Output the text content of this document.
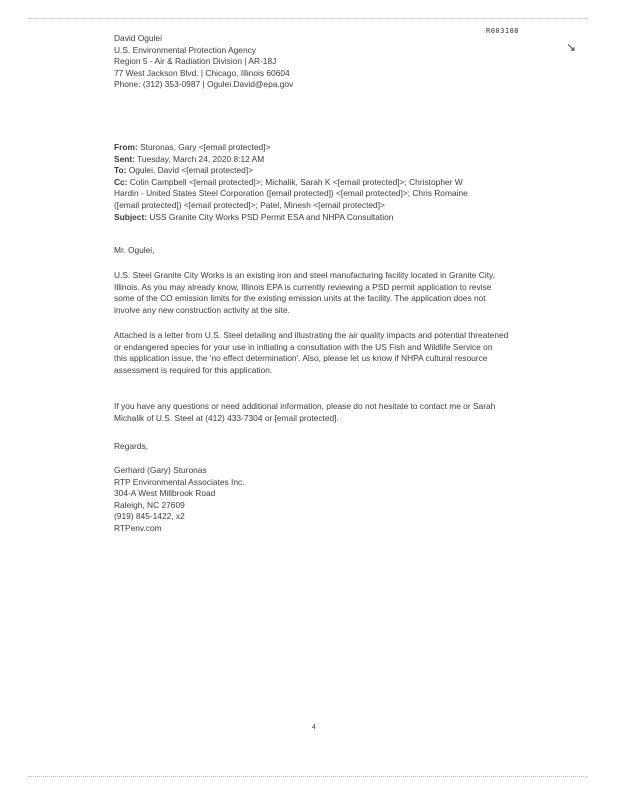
R003188
↘
David Ogulei
U.S. Environmental Protection Agency
Region 5 - Air & Radiation Division | AR-18J
77 West Jackson Blvd. | Chicago, Illinois 60604
Phone: (312) 353-0987 | Ogulei.David@epa.gov
From: Sturonas, Gary <[email protected]>
Sent: Tuesday, March 24, 2020 8:12 AM
To: Ogulei, David <[email protected]>
Cc: Colin Campbell <[email protected]>; Michalik, Sarah K <[email protected]>; Christopher W
Hardin - United States Steel Corporation ([email protected]) <[email protected]>; Chris Romaine
([email protected]) <[email protected]>; Patel, Minesh <[email protected]>
Subject: USS Granite City Works PSD Permit ESA and NHPA Consultation
Mr. Ogulei,
U.S. Steel Granite City Works is an existing iron and steel manufacturing facility located in Granite City,
Illinois. As you may already know, Illinois EPA is currently reviewing a PSD permit application to revise
some of the CO emission limits for the existing emission units at the facility. The application does not
involve any new construction activity at the site.
Attached is a letter from U.S. Steel detailing and illustrating the air quality impacts and potential threatened
or endangered species for your use in initiating a consultation with the US Fish and Wildlife Service on
this application issue, the 'no effect determination'. Also, please let us know if NHPA cultural resource
assessment is required for this application.
If you have any questions or need additional information, please do not hesitate to contact me or Sarah
Michalik of U.S. Steel at (412) 433-7304 or [email protected].
Regards,
Gerhard (Gary) Sturonas
RTP Environmental Associates Inc.
304-A West Millbrook Road
Raleigh, NC 27609
(919) 845-1422, x2
RTPenv.com
4
